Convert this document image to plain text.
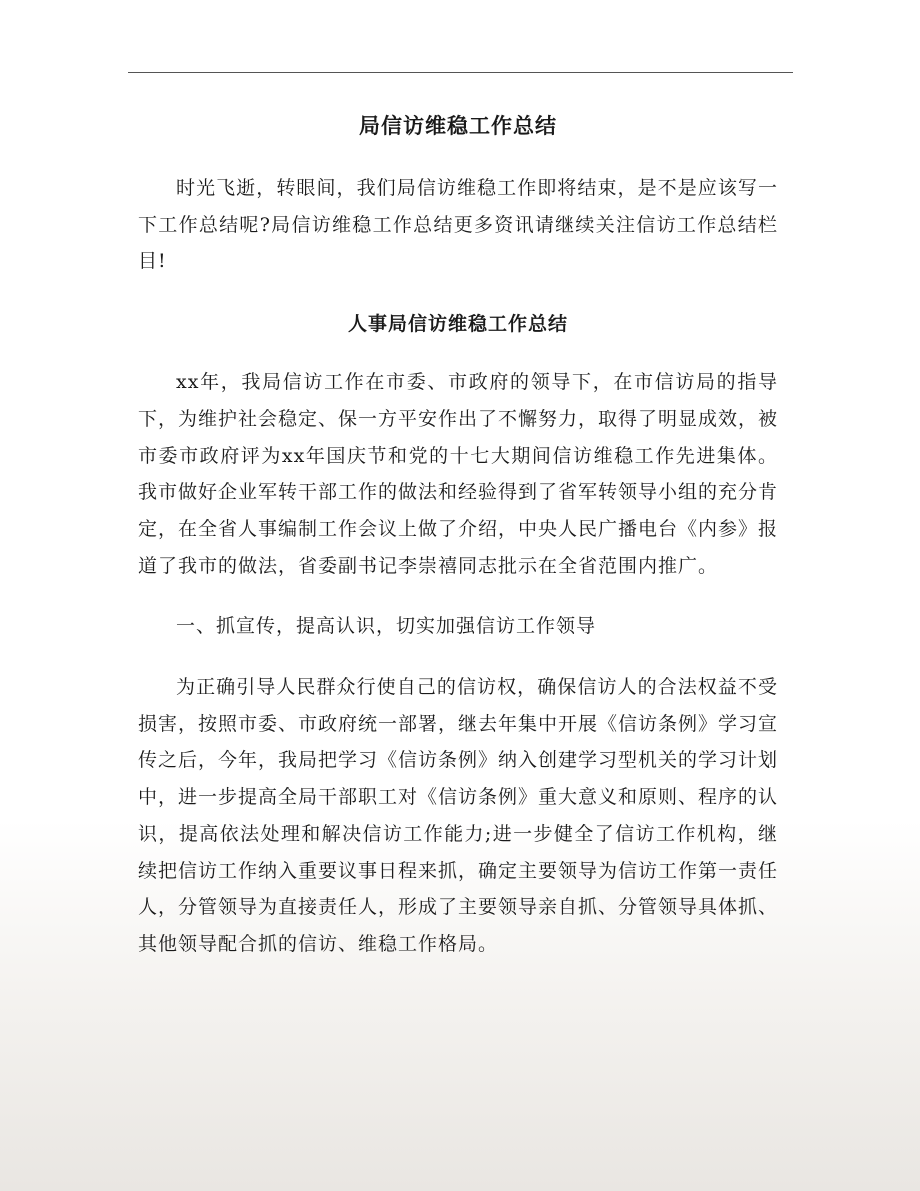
局信访维稳工作总结

时光飞逝，转眼间，我们局信访维稳工作即将结束，是不是应该写一下工作总结呢?局信访维稳工作总结更多资讯请继续关注信访工作总结栏目!

人事局信访维稳工作总结

xx年，我局信访工作在市委、市政府的领导下，在市信访局的指导下，为维护社会稳定、保一方平安作出了不懈努力，取得了明显成效，被市委市政府评为xx年国庆节和党的十七大期间信访维稳工作先进集体。我市做好企业军转干部工作的做法和经验得到了省军转领导小组的充分肯定，在全省人事编制工作会议上做了介绍，中央人民广播电台《内参》报道了我市的做法，省委副书记李崇禧同志批示在全省范围内推广。

一、抓宣传，提高认识，切实加强信访工作领导

为正确引导人民群众行使自己的信访权，确保信访人的合法权益不受损害，按照市委、市政府统一部署，继去年集中开展《信访条例》学习宣传之后，今年，我局把学习《信访条例》纳入创建学习型机关的学习计划中，进一步提高全局干部职工对《信访条例》重大意义和原则、程序的认识，提高依法处理和解决信访工作能力;进一步健全了信访工作机构，继续把信访工作纳入重要议事日程来抓，确定主要领导为信访工作第一责任人，分管领导为直接责任人，形成了主要领导亲自抓、分管领导具体抓、其他领导配合抓的信访、维稳工作格局。
